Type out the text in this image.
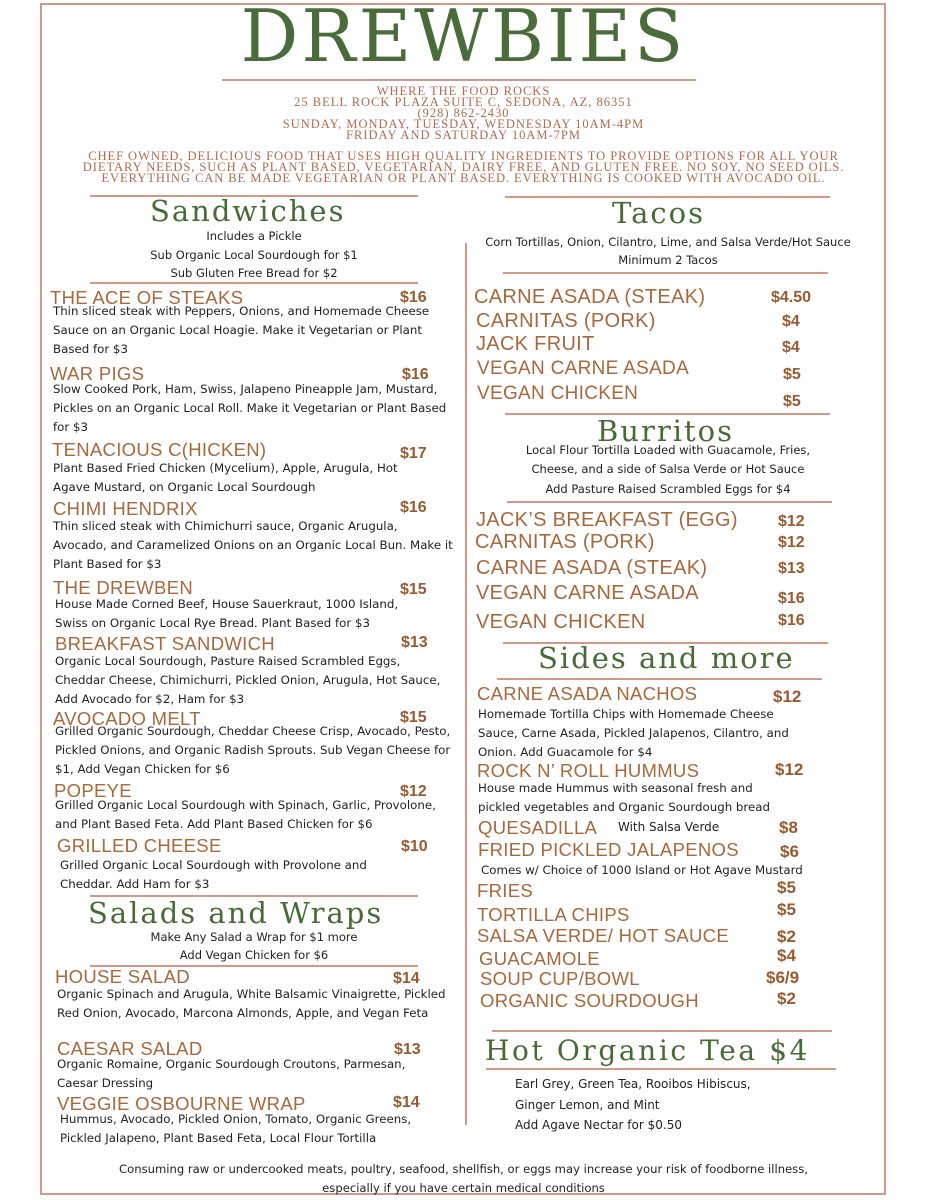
DREWBIES
WHERE THE FOOD ROCKS
25 BELL ROCK PLAZA SUITE C, SEDONA, AZ, 86351
(928) 862-2430
SUNDAY, MONDAY, TUESDAY, WEDNESDAY 10AM-4PM
FRIDAY AND SATURDAY 10AM-7PM
CHEF OWNED, DELICIOUS FOOD THAT USES HIGH QUALITY INGREDIENTS TO PROVIDE OPTIONS FOR ALL YOUR
DIETARY NEEDS, SUCH AS PLANT BASED, VEGETARIAN, DAIRY FREE, AND GLUTEN FREE. NO SOY, NO SEED OILS.
EVERYTHING CAN BE MADE VEGETARIAN OR PLANT BASED. EVERYTHING IS COOKED WITH AVOCADO OIL.
Sandwiches
Includes a Pickle
Sub Organic Local Sourdough for $1
Sub Gluten Free Bread for $2
THE ACE OF STEAKS	$16
Thin sliced steak with Peppers, Onions, and Homemade Cheese Sauce on an Organic Local Hoagie. Make it Vegetarian or Plant Based for $3
WAR PIGS	$16
Slow Cooked Pork, Ham, Swiss, Jalapeno Pineapple Jam, Mustard, Pickles on an Organic Local Roll. Make it Vegetarian or Plant Based for $3
TENACIOUS C(HICKEN)	$17
Plant Based Fried Chicken (Mycelium), Apple, Arugula, Hot Agave Mustard, on Organic Local Sourdough
CHIMI HENDRIX	$16
Thin sliced steak with Chimichurri sauce, Organic Arugula, Avocado, and Caramelized Onions on an Organic Local Bun. Make it Plant Based for $3
THE DREWBEN	$15
House Made Corned Beef, House Sauerkraut, 1000 Island, Swiss on Organic Local Rye Bread. Plant Based for $3
BREAKFAST SANDWICH	$13
Organic Local Sourdough, Pasture Raised Scrambled Eggs, Cheddar Cheese, Chimichurri, Pickled Onion, Arugula, Hot Sauce, Add Avocado for $2, Ham for $3
AVOCADO MELT	$15
Grilled Organic Sourdough, Cheddar Cheese Crisp, Avocado, Pesto, Pickled Onions, and Organic Radish Sprouts. Sub Vegan Cheese for $1, Add Vegan Chicken for $6
POPEYE	$12
Grilled Organic Local Sourdough with Spinach, Garlic, Provolone, and Plant Based Feta. Add Plant Based Chicken for $6
GRILLED CHEESE	$10
Grilled Organic Local Sourdough with Provolone and Cheddar. Add Ham for $3
Salads and Wraps
Make Any Salad a Wrap for $1 more
Add Vegan Chicken for $6
HOUSE SALAD	$14
Organic Spinach and Arugula, White Balsamic Vinaigrette, Pickled Red Onion, Avocado, Marcona Almonds, Apple, and Vegan Feta
CAESAR SALAD	$13
Organic Romaine, Organic Sourdough Croutons, Parmesan, Caesar Dressing
VEGGIE OSBOURNE WRAP	$14
Hummus, Avocado, Pickled Onion, Tomato, Organic Greens, Pickled Jalapeno, Plant Based Feta, Local Flour Tortilla
Tacos
Corn Tortillas, Onion, Cilantro, Lime, and Salsa Verde/Hot Sauce
Minimum 2 Tacos
CARNE ASADA (STEAK)	$4.50
CARNITAS (PORK)	$4
JACK FRUIT	$4
VEGAN CARNE ASADA	$5
VEGAN CHICKEN	$5
Burritos
Local Flour Tortilla Loaded with Guacamole, Fries,
Cheese, and a side of Salsa Verde or Hot Sauce
Add Pasture Raised Scrambled Eggs for $4
JACK’S BREAKFAST (EGG)	$12
CARNITAS (PORK)	$12
CARNE ASADA (STEAK)	$13
VEGAN CARNE ASADA	$16
VEGAN CHICKEN	$16
Sides and more
CARNE ASADA NACHOS	$12
Homemade Tortilla Chips with Homemade Cheese Sauce, Carne Asada, Pickled Jalapenos, Cilantro, and Onion. Add Guacamole for $4
ROCK N’ ROLL HUMMUS	$12
House made Hummus with seasonal fresh and pickled vegetables and Organic Sourdough bread
QUESADILLA With Salsa Verde	$8
FRIED PICKLED JALAPENOS $6
Comes w/ Choice of 1000 Island or Hot Agave Mustard
FRIES	$5
TORTILLA CHIPS	$5
SALSA VERDE/ HOT SAUCE	$2
GUACAMOLE	$4
SOUP CUP/BOWL	$6/9
ORGANIC SOURDOUGH	$2
Hot Organic Tea $4
Earl Grey, Green Tea, Rooibos Hibiscus,
Ginger Lemon, and Mint
Add Agave Nectar for $0.50
Consuming raw or undercooked meats, poultry, seafood, shellfish, or eggs may increase your risk of foodborne illness,
especially if you have certain medical conditions
